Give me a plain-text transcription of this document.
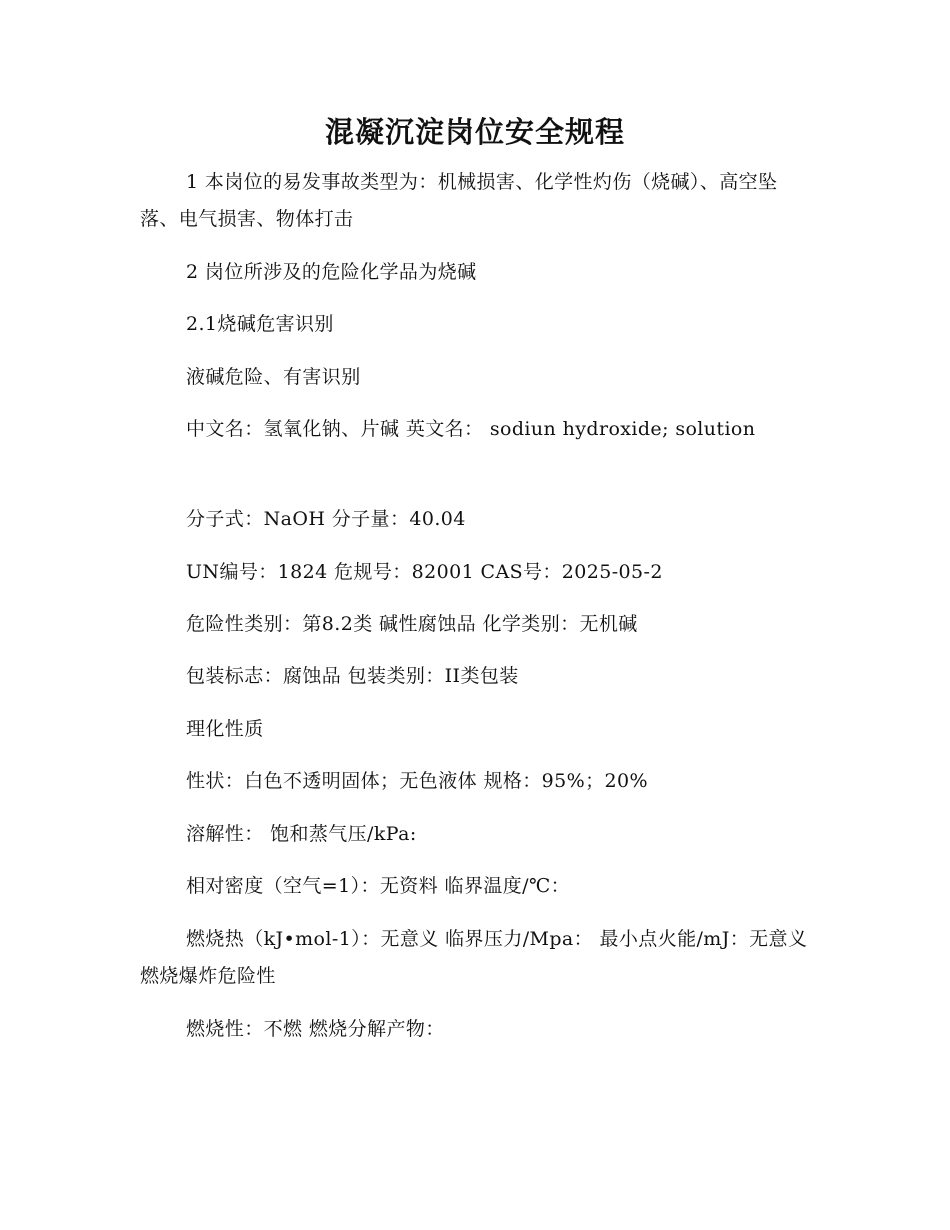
混凝沉淀岗位安全规程

1 本岗位的易发事故类型为：机械损害、化学性灼伤（烧碱）、高空坠落、电气损害、物体打击

2 岗位所涉及的危险化学品为烧碱

2.1烧碱危害识别

液碱危险、有害识别

中文名：氢氧化钠、片碱 英文名： sodiun hydroxide; solution

分子式：NaOH 分子量：40.04

UN编号：1824 危规号：82001 CAS号：2025-05-2

危险性类别：第8.2类 碱性腐蚀品 化学类别：无机碱

包装标志：腐蚀品 包装类别：II类包装

理化性质

性状：白色不透明固体；无色液体 规格：95%；20%

溶解性： 饱和蒸气压/kPa:

相对密度（空气=1）：无资料 临界温度/℃：

燃烧热（kJ•mol-1）：无意义 临界压力/Mpa： 最小点火能/mJ：无意义 燃烧爆炸危险性

燃烧性：不燃 燃烧分解产物：
